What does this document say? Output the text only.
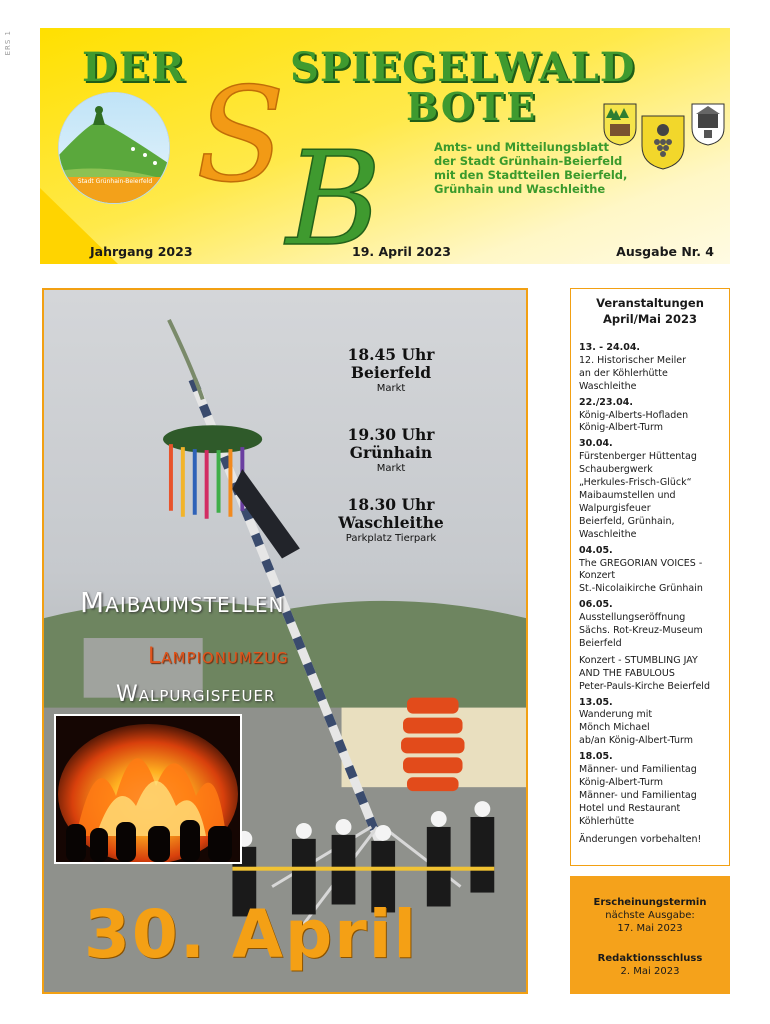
ERS 1
DER	SPIEGELWALD
BOTE
Stadt Grünhain-Beierfeld S B	Amts- und Mitteilungsblatt
der Stadt Grünhain-Beierfeld
mit den Stadtteilen Beierfeld,
Grünhain und Waschleithe
Jahrgang 2023	19. April 2023	Ausgabe Nr. 4
18.45 Uhr
Beierfeld
Markt
19.30 Uhr
Grünhain
Markt
18.30 Uhr
Waschleithe
Parkplatz Tierpark
Maibaumstellen
Lampionumzug
Walpurgisfeuer
30. April
Veranstaltungen
April/Mai 2023
13. - 24.04.
12. Historischer Meiler
an der Köhlerhütte
Waschleithe
22./23.04.
König-Alberts-Hofladen
König-Albert-Turm
30.04.
Fürstenberger Hüttentag
Schaubergwerk
„Herkules-Frisch-Glück“
Maibaumstellen und
Walpurgisfeuer
Beierfeld, Grünhain,
Waschleithe
04.05.
The GREGORIAN VOICES -
Konzert
St.-Nicolaikirche Grünhain
06.05.
Ausstellungseröffnung
Sächs. Rot-Kreuz-Museum
Beierfeld
Konzert - STUMBLING JAY
AND THE FABULOUS
Peter-Pauls-Kirche Beierfeld
13.05.
Wanderung mit
Mönch Michael
ab/an König-Albert-Turm
18.05.
Männer- und Familientag
König-Albert-Turm
Männer- und Familientag
Hotel und Restaurant
Köhlerhütte
Änderungen vorbehalten!
Erscheinungstermin
nächste Ausgabe:
17. Mai 2023
Redaktionsschluss
2. Mai 2023
